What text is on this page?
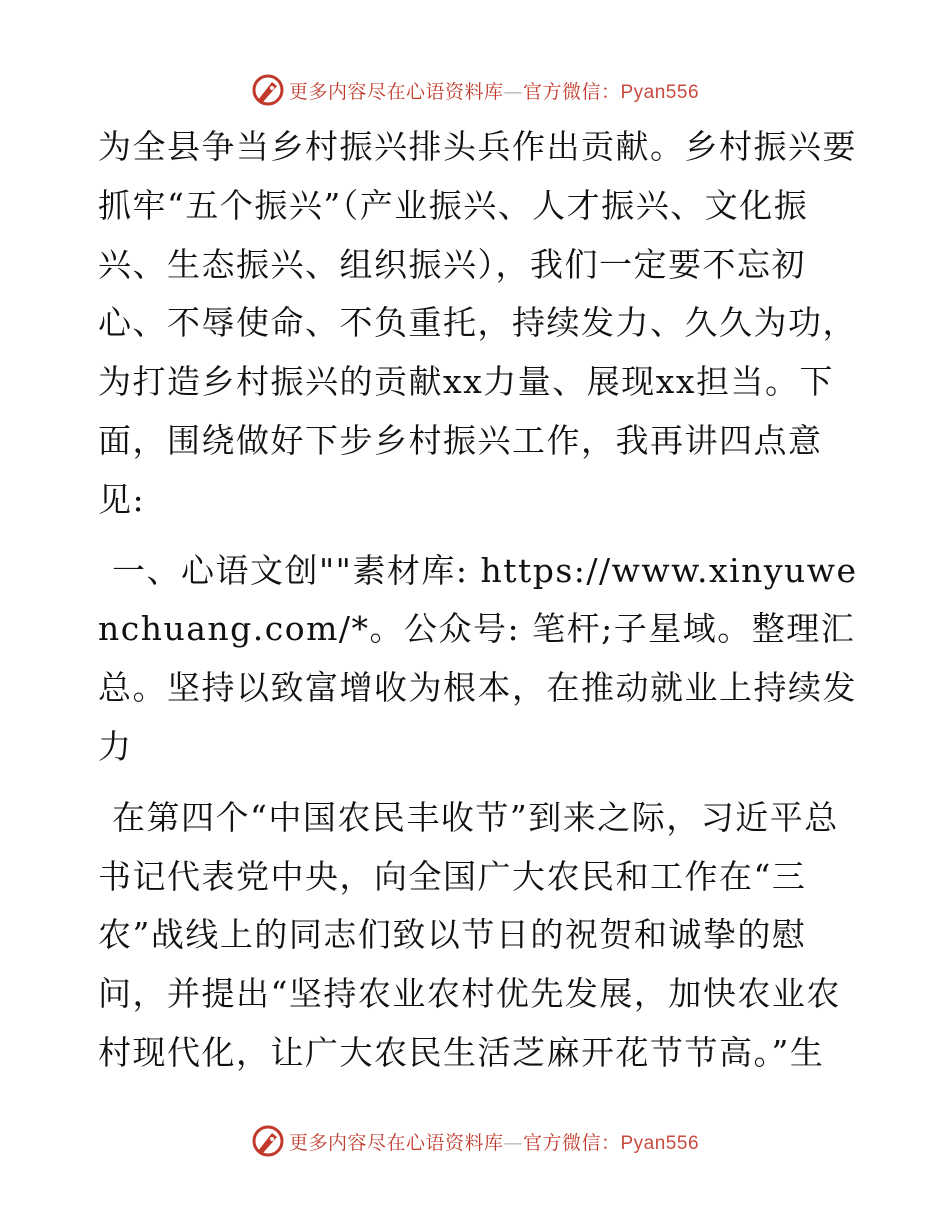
更多内容尽在心语资料库—官方微信：Pyan556

为全县争当乡村振兴排头兵作出贡献。乡村振兴要抓牢“五个振兴”（产业振兴、人才振兴、文化振兴、生态振兴、组织振兴），我们一定要不忘初心、不辱使命、不负重托，持续发力、久久为功，为打造乡村振兴的贡献xx力量、展现xx担当。下面，围绕做好下步乡村振兴工作，我再讲四点意见:

一、心语文创""素材库: https://www.xinyuwenchuang.com/*。公众号: 笔杆;子星域。整理汇总。坚持以致富增收为根本，在推动就业上持续发力

在第四个“中国农民丰收节”到来之际，习近平总书记代表党中央，向全国广大农民和工作在“三农”战线上的同志们致以节日的祝贺和诚挚的慰问，并提出“坚持农业农村优先发展，加快农业农村现代化，让广大农民生活芝麻开花节节高。”生

更多内容尽在心语资料库—官方微信：Pyan556
